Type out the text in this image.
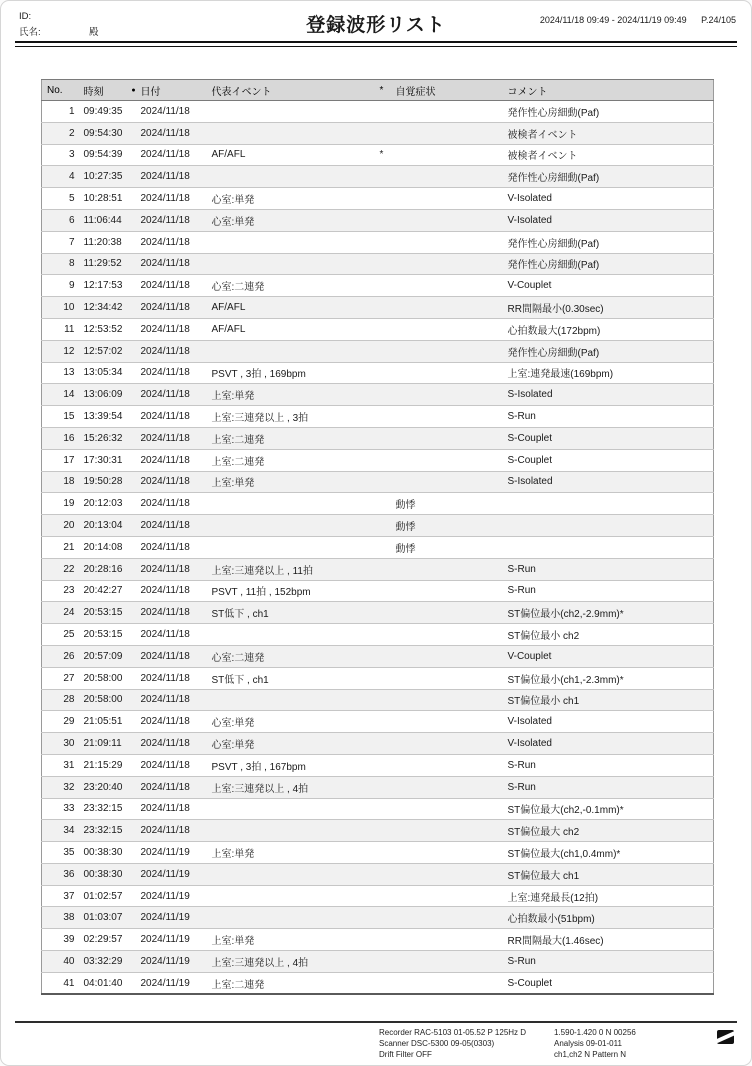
ID:
氏名:	殿	登録波形リスト	2024/11/18 09:49 - 2024/11/19 09:49 P.24/105
No.	時刻	●	日付	代表イベント	*	自覚症状	コメント
1	09:49:35		2024/11/18				発作性心房細動(Paf)
2	09:54:30		2024/11/18				被検者イベント
3	09:54:39		2024/11/18	AF/AFL	*		被検者イベント
4	10:27:35		2024/11/18				発作性心房細動(Paf)
5	10:28:51		2024/11/18	心室:単発			V-Isolated
6	11:06:44		2024/11/18	心室:単発			V-Isolated
7	11:20:38		2024/11/18				発作性心房細動(Paf)
8	11:29:52		2024/11/18				発作性心房細動(Paf)
9	12:17:53		2024/11/18	心室:二連発			V-Couplet
10	12:34:42		2024/11/18	AF/AFL			RR間隔最小(0.30sec)
11	12:53:52		2024/11/18	AF/AFL			心拍数最大(172bpm)
12	12:57:02		2024/11/18				発作性心房細動(Paf)
13	13:05:34		2024/11/18	PSVT , 3拍 , 169bpm			上室:連発最速(169bpm)
14	13:06:09		2024/11/18	上室:単発			S-Isolated
15	13:39:54		2024/11/18	上室:三連発以上 , 3拍			S-Run
16	15:26:32		2024/11/18	上室:二連発			S-Couplet
17	17:30:31		2024/11/18	上室:二連発			S-Couplet
18	19:50:28		2024/11/18	上室:単発			S-Isolated
19	20:12:03		2024/11/18			動悸	
20	20:13:04		2024/11/18			動悸	
21	20:14:08		2024/11/18			動悸	
22	20:28:16		2024/11/18	上室:三連発以上 , 11拍			S-Run
23	20:42:27		2024/11/18	PSVT , 11拍 , 152bpm			S-Run
24	20:53:15		2024/11/18	ST低下 , ch1			ST偏位最小(ch2,-2.9mm)*
25	20:53:15		2024/11/18				ST偏位最小 ch2
26	20:57:09		2024/11/18	心室:二連発			V-Couplet
27	20:58:00		2024/11/18	ST低下 , ch1			ST偏位最小(ch1,-2.3mm)*
28	20:58:00		2024/11/18				ST偏位最小 ch1
29	21:05:51		2024/11/18	心室:単発			V-Isolated
30	21:09:11		2024/11/18	心室:単発			V-Isolated
31	21:15:29		2024/11/18	PSVT , 3拍 , 167bpm			S-Run
32	23:20:40		2024/11/18	上室:三連発以上 , 4拍			S-Run
33	23:32:15		2024/11/18				ST偏位最大(ch2,-0.1mm)*
34	23:32:15		2024/11/18				ST偏位最大 ch2
35	00:38:30		2024/11/19	上室:単発			ST偏位最大(ch1,0.4mm)*
36	00:38:30		2024/11/19				ST偏位最大 ch1
37	01:02:57		2024/11/19				上室:連発最長(12拍)
38	01:03:07		2024/11/19				心拍数最小(51bpm)
39	02:29:57		2024/11/19	上室:単発			RR間隔最大(1.46sec)
40	03:32:29		2024/11/19	上室:三連発以上 , 4拍			S-Run
41	04:01:40		2024/11/19	上室:二連発			S-Couplet
Recorder RAC-5103 01-05.52 P 125Hz D
Scanner DSC-5300 09-05(0303)
Drift Filter OFF
1.590-1.420 0 N 00256
Analysis 09-01-011
ch1,ch2 N Pattern N
